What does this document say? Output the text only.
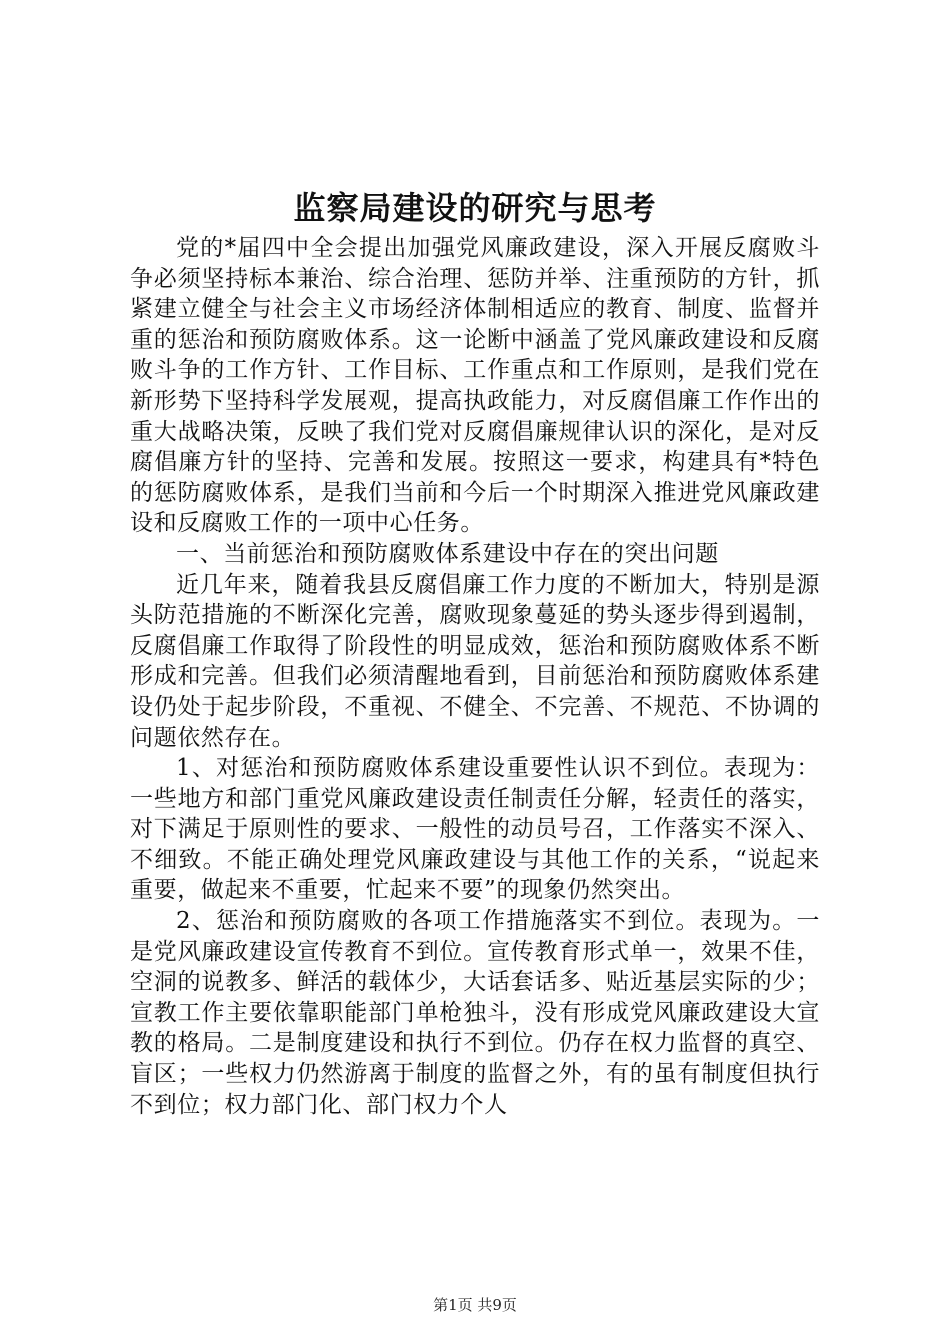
监察局建设的研究与思考

党的*届四中全会提出加强党风廉政建设，深入开展反腐败斗争必须坚持标本兼治、综合治理、惩防并举、注重预防的方针，抓紧建立健全与社会主义市场经济体制相适应的教育、制度、监督并重的惩治和预防腐败体系。这一论断中涵盖了党风廉政建设和反腐败斗争的工作方针、工作目标、工作重点和工作原则，是我们党在新形势下坚持科学发展观，提高执政能力，对反腐倡廉工作作出的重大战略决策，反映了我们党对反腐倡廉规律认识的深化，是对反腐倡廉方针的坚持、完善和发展。按照这一要求，构建具有*特色的惩防腐败体系，是我们当前和今后一个时期深入推进党风廉政建设和反腐败工作的一项中心任务。

一、当前惩治和预防腐败体系建设中存在的突出问题

近几年来，随着我县反腐倡廉工作力度的不断加大，特别是源头防范措施的不断深化完善，腐败现象蔓延的势头逐步得到遏制，反腐倡廉工作取得了阶段性的明显成效，惩治和预防腐败体系不断形成和完善。但我们必须清醒地看到，目前惩治和预防腐败体系建设仍处于起步阶段，不重视、不健全、不完善、不规范、不协调的问题依然存在。

1、对惩治和预防腐败体系建设重要性认识不到位。表现为：一些地方和部门重党风廉政建设责任制责任分解，轻责任的落实，对下满足于原则性的要求、一般性的动员号召，工作落实不深入、不细致。不能正确处理党风廉政建设与其他工作的关系，“说起来重要，做起来不重要，忙起来不要”的现象仍然突出。

2、惩治和预防腐败的各项工作措施落实不到位。表现为。一是党风廉政建设宣传教育不到位。宣传教育形式单一，效果不佳，空洞的说教多、鲜活的载体少，大话套话多、贴近基层实际的少；宣教工作主要依靠职能部门单枪独斗，没有形成党风廉政建设大宣教的格局。二是制度建设和执行不到位。仍存在权力监督的真空、盲区；一些权力仍然游离于制度的监督之外，有的虽有制度但执行不到位；权力部门化、部门权力个人

第1页 共9页
